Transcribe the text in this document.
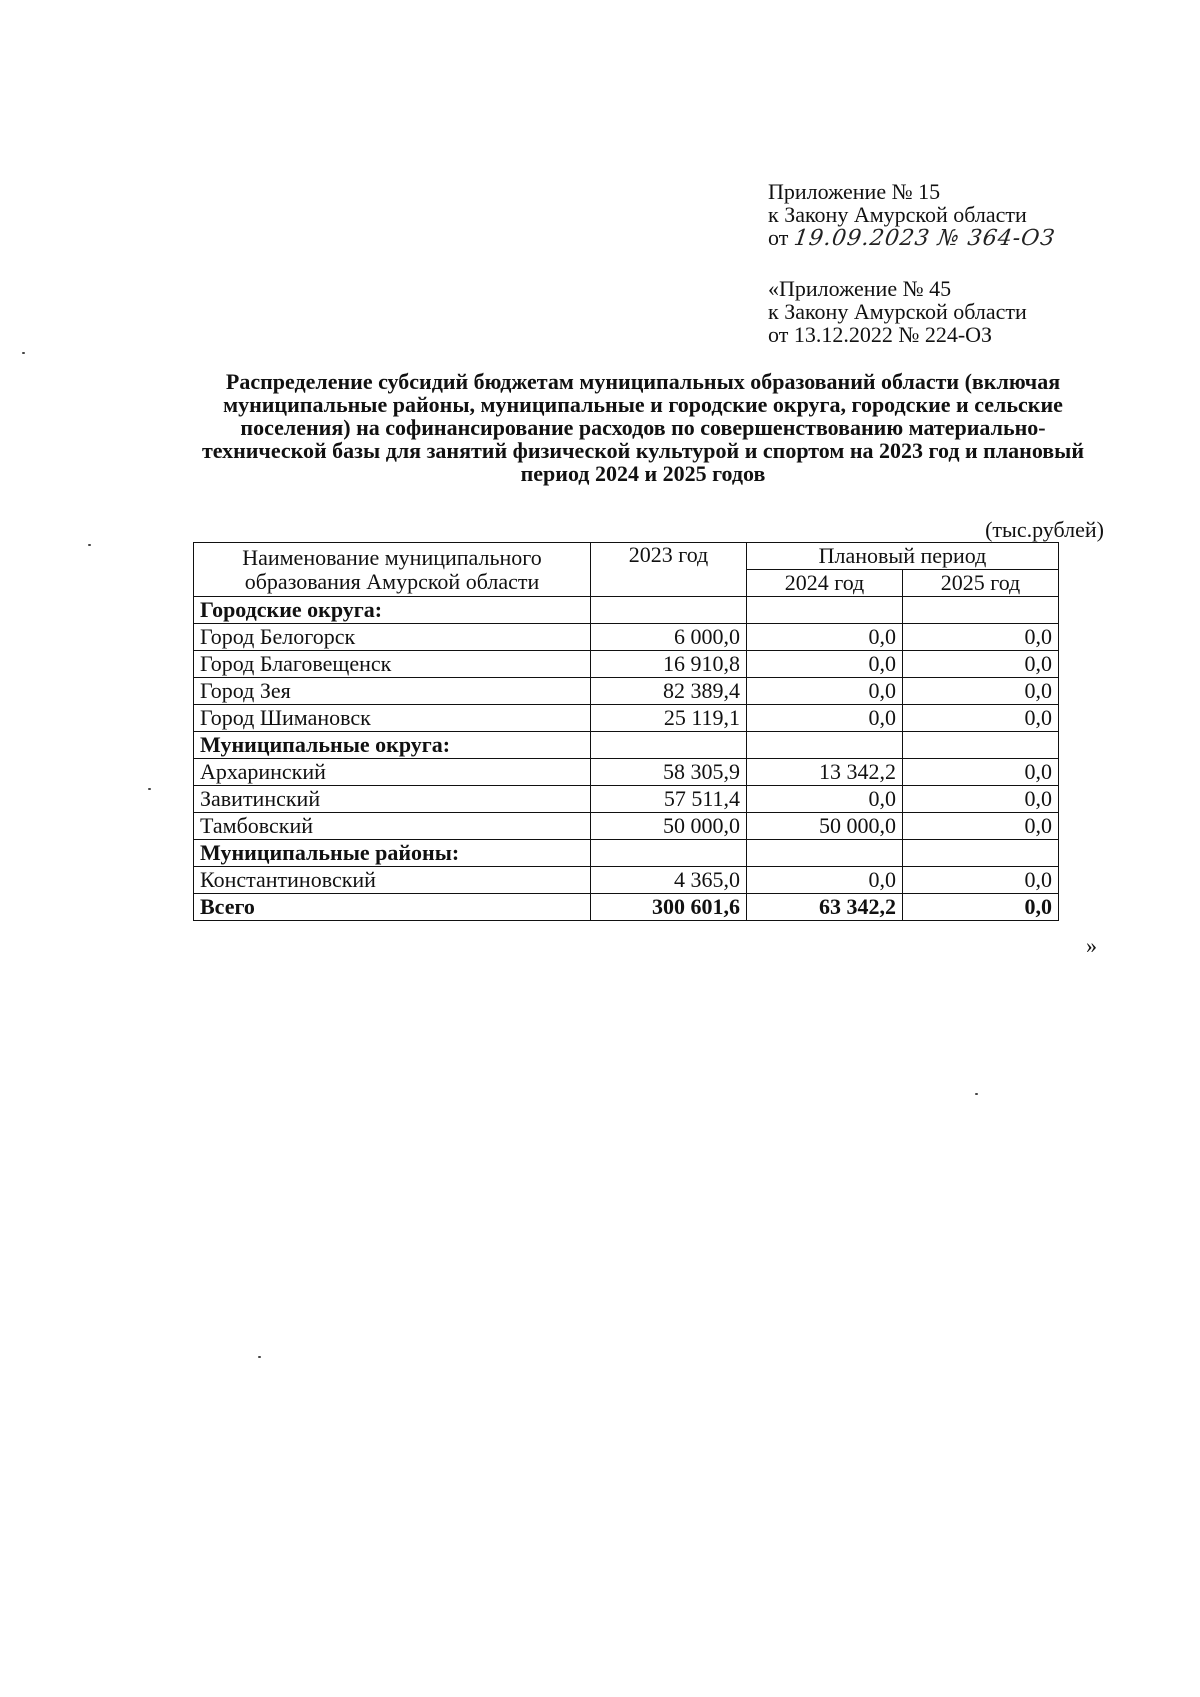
Приложение № 15
к Закону Амурской области
от 19.09.2023 № 364-ОЗ
«Приложение № 45
к Закону Амурской области
от 13.12.2022 № 224-ОЗ
Распределение субсидий бюджетам муниципальных образований области (включая муниципальные районы, муниципальные и городские округа, городские и сельские поселения) на софинансирование расходов по совершенствованию материально-технической базы для занятий физической культурой и спортом на 2023 год и плановый период 2024 и 2025 годов
(тыс.рублей)
Наименование муниципального
образования Амурской области	2023 год	Плановый период	
		2024 год	2025 год
Городские округа:			
Город Белогорск	6 000,0	0,0	0,0
Город Благовещенск	16 910,8	0,0	0,0
Город Зея	82 389,4	0,0	0,0
Город Шимановск	25 119,1	0,0	0,0
Муниципальные округа:			
Архаринский	58 305,9	13 342,2	0,0
Завитинский	57 511,4	0,0	0,0
Тамбовский	50 000,0	50 000,0	0,0
Муниципальные районы:			
Константиновский	4 365,0	0,0	0,0
Всего	300 601,6	63 342,2	0,0
»
